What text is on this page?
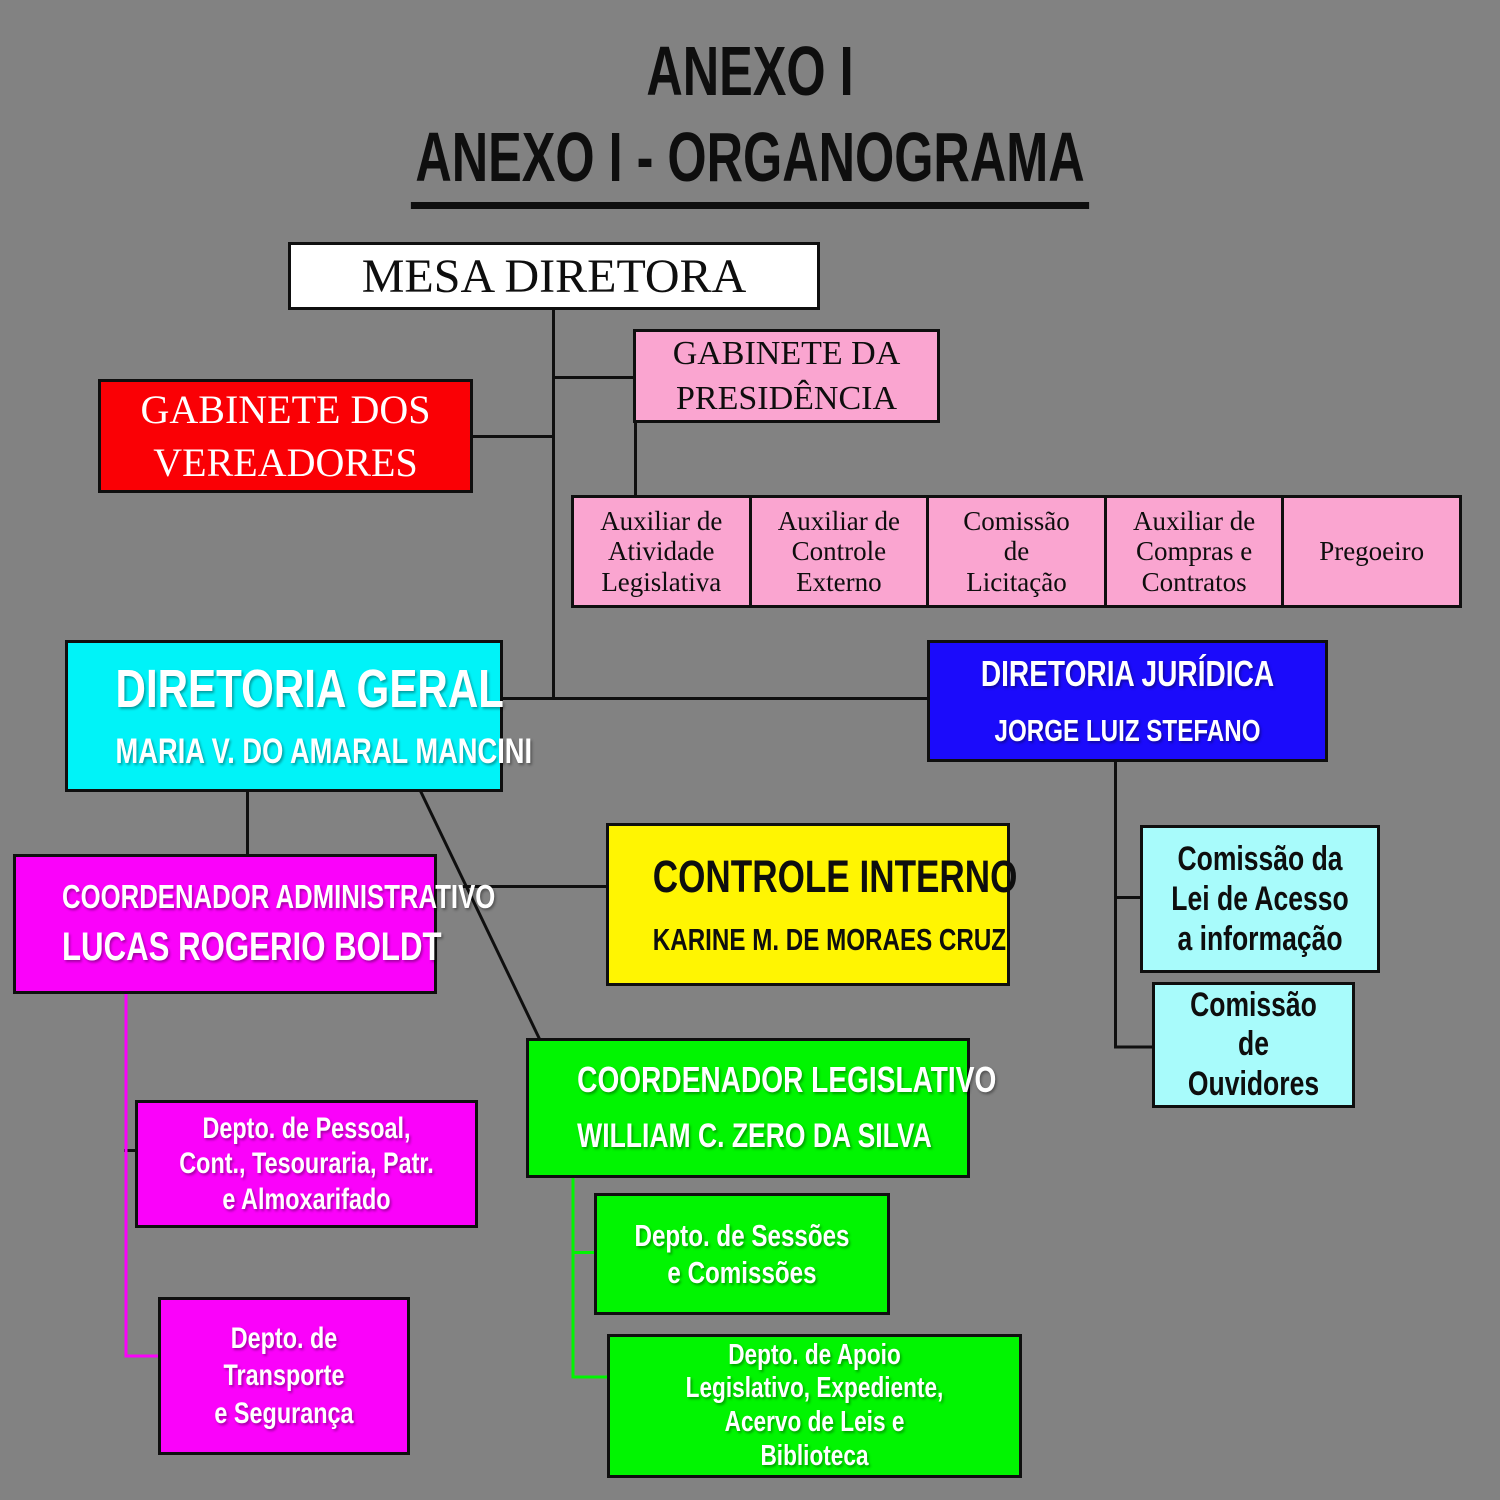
ANEXO I
ANEXO I - ORGANOGRAMA
MESA DIRETORA
GABINETE DA
PRESIDÊNCIA
GABINETE DOS
VEREADORES
Auxiliar de
Atividade
Legislativa
Auxiliar de
Controle
Externo
Comissão
de
Licitação
Auxiliar de
Compras e
Contratos
Pregoeiro
DIRETORIA GERAL
MARIA V. DO AMARAL MANCINI
DIRETORIA JURÍDICA
JORGE LUIZ STEFANO
CONTROLE INTERNO
KARINE M. DE MORAES CRUZ
COORDENADOR ADMINISTRATIVO
LUCAS ROGERIO BOLDT
Comissão da
Lei de Acesso
a informação
Comissão
de
Ouvidores
COORDENADOR LEGISLATIVO
WILLIAM C. ZERO DA SILVA
Depto. de Pessoal,
Cont., Tesouraria, Patr.
e Almoxarifado
Depto. de
Transporte
e Segurança
Depto. de Sessões
e Comissões
Depto. de Apoio
Legislativo, Expediente,
Acervo de Leis e
Biblioteca
